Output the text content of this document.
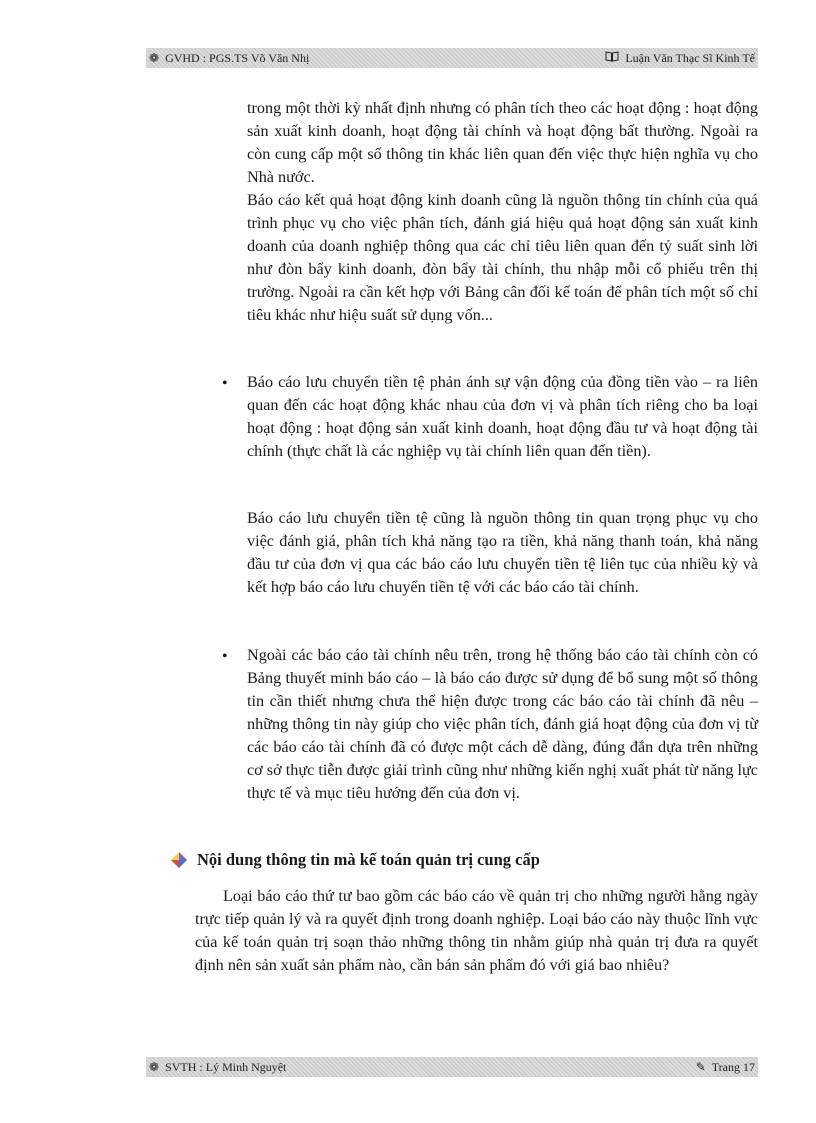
❁ GVHD : PGS.TS Võ Văn Nhị	Luận Văn Thạc Sĩ Kinh Tế

trong một thời kỳ nhất định nhưng có phân tích theo các hoạt động : hoạt động sản xuất kinh doanh, hoạt động tài chính và hoạt động bất thường. Ngoài ra còn cung cấp một số thông tin khác liên quan đến việc thực hiện nghĩa vụ cho Nhà nước.

Báo cáo kết quả hoạt động kinh doanh cũng là nguồn thông tin chính của quá trình phục vụ cho việc phân tích, đánh giá hiệu quả hoạt động sản xuất kinh doanh của doanh nghiệp thông qua các chỉ tiêu liên quan đến tỷ suất sinh lời như đòn bẩy kinh doanh, đòn bẩy tài chính, thu nhập mỗi cổ phiếu trên thị trường. Ngoài ra cần kết hợp với Bảng cân đối kế toán để phân tích một số chỉ tiêu khác như hiệu suất sử dụng vốn...

• Báo cáo lưu chuyển tiền tệ phản ánh sự vận động của đồng tiền vào – ra liên quan đến các hoạt động khác nhau của đơn vị và phân tích riêng cho ba loại hoạt động : hoạt động sản xuất kinh doanh, hoạt động đầu tư và hoạt động tài chính (thực chất là các nghiệp vụ tài chính liên quan đến tiền).

Báo cáo lưu chuyển tiền tệ cũng là nguồn thông tin quan trọng phục vụ cho việc đánh giá, phân tích khả năng tạo ra tiền, khả năng thanh toán, khả năng đầu tư của đơn vị qua các báo cáo lưu chuyển tiền tệ liên tục của nhiều kỳ và kết hợp báo cáo lưu chuyển tiền tệ với các báo cáo tài chính.

• Ngoài các báo cáo tài chính nêu trên, trong hệ thống báo cáo tài chính còn có Bảng thuyết minh báo cáo – là báo cáo được sử dụng để bổ sung một số thông tin cần thiết nhưng chưa thể hiện được trong các báo cáo tài chính đã nêu – những thông tin này giúp cho việc phân tích, đánh giá hoạt động của đơn vị từ các báo cáo tài chính đã có được một cách dễ dàng, đúng đắn dựa trên những cơ sở thực tiễn được giải trình cũng như những kiến nghị xuất phát từ năng lực thực tế và mục tiêu hướng đến của đơn vị.

Nội dung thông tin mà kế toán quản trị cung cấp

Loại báo cáo thứ tư bao gồm các báo cáo về quản trị cho những người hằng ngày trực tiếp quản lý và ra quyết định trong doanh nghiệp. Loại báo cáo này thuộc lĩnh vực của kế toán quản trị soạn thảo những thông tin nhằm giúp nhà quản trị đưa ra quyết định nên sản xuất sản phẩm nào, cần bán sản phẩm đó với giá bao nhiêu?

❁ SVTH : Lý Minh Nguyệt	✎ Trang 17
